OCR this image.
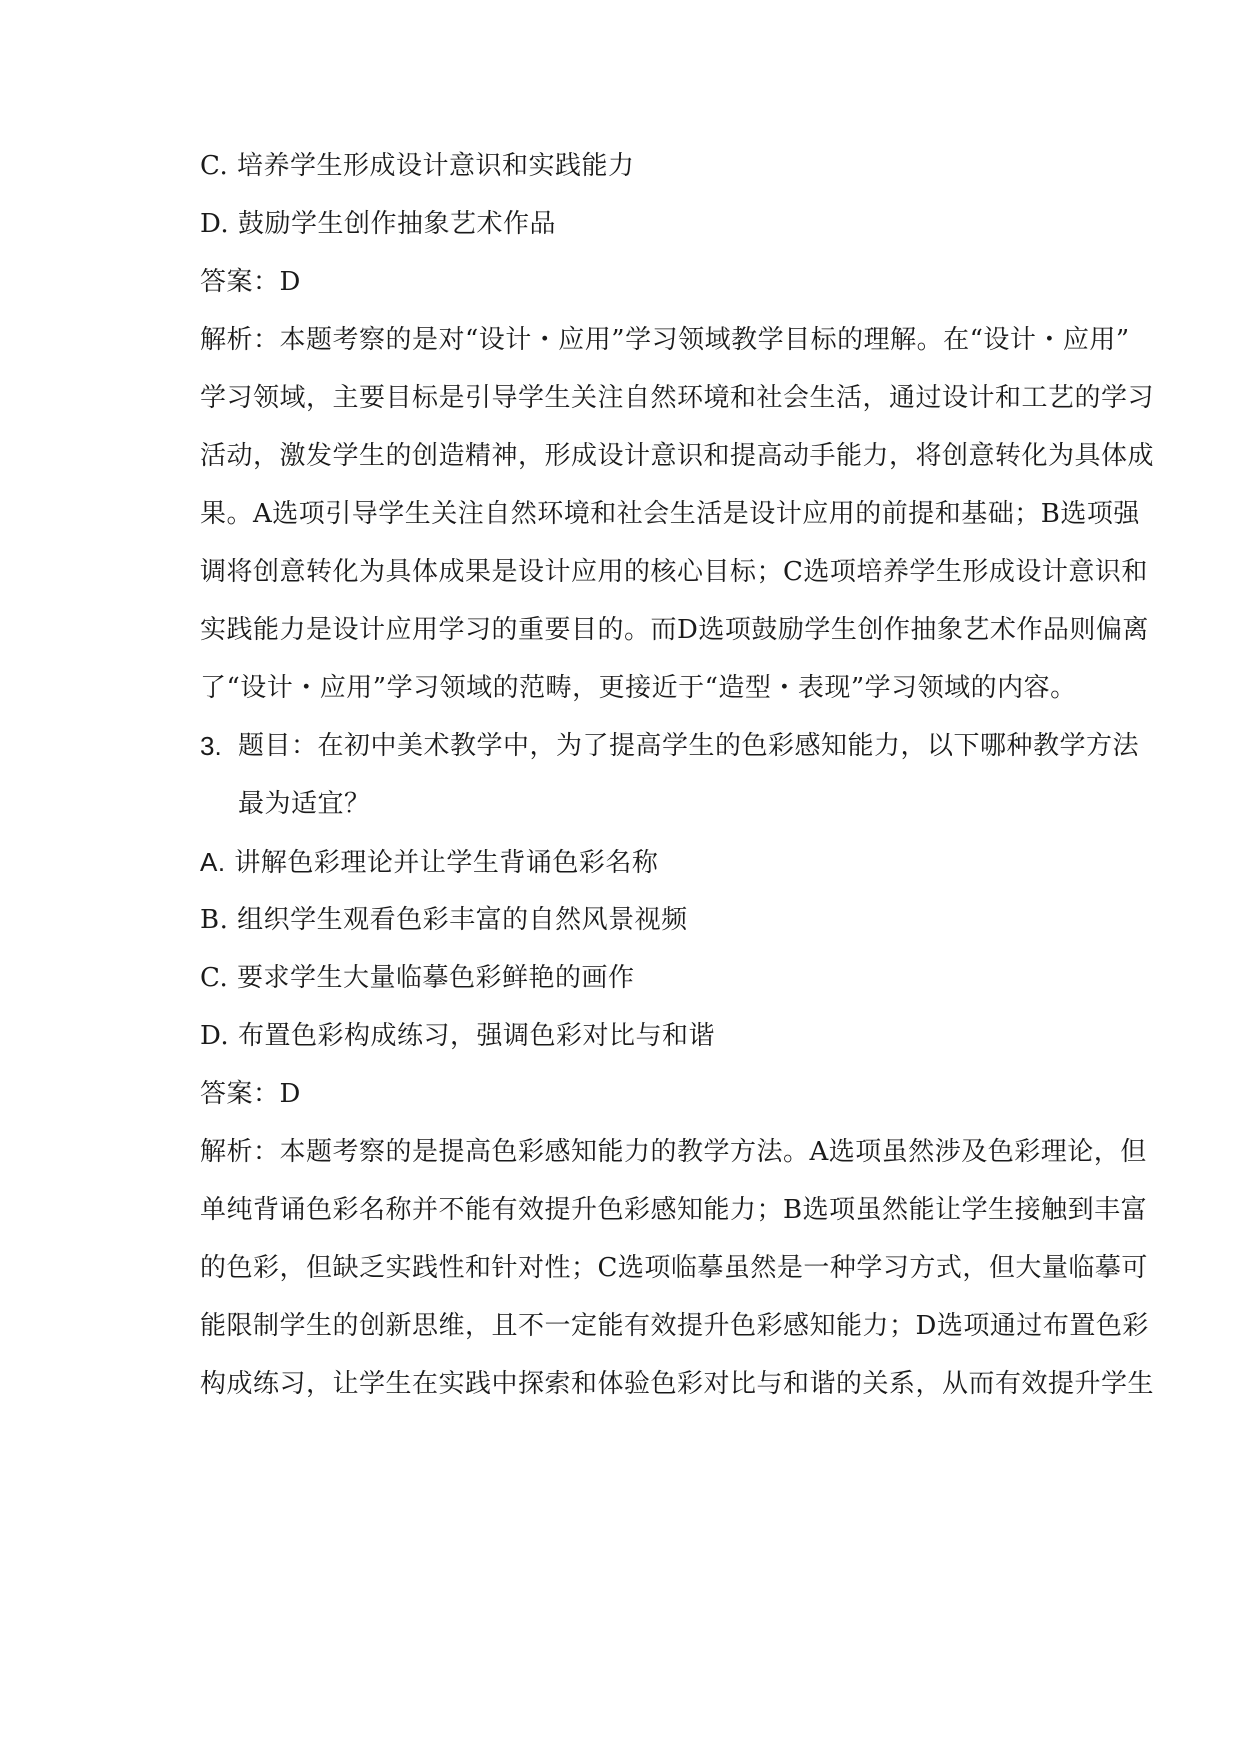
C. 培养学生形成设计意识和实践能力
D. 鼓励学生创作抽象艺术作品
答案：D
解析：本题考察的是对“设计・应用”学习领域教学目标的理解。在“设计・应用”
学习领域，主要目标是引导学生关注自然环境和社会生活，通过设计和工艺的学习
活动，激发学生的创造精神，形成设计意识和提高动手能力，将创意转化为具体成
果。A选项引导学生关注自然环境和社会生活是设计应用的前提和基础；B选项强
调将创意转化为具体成果是设计应用的核心目标；C选项培养学生形成设计意识和
实践能力是设计应用学习的重要目的。而D选项鼓励学生创作抽象艺术作品则偏离
了“设计・应用”学习领域的范畴，更接近于“造型・表现”学习领域的内容。
3. 题目：在初中美术教学中，为了提高学生的色彩感知能力，以下哪种教学方法
最为适宜？
A. 讲解色彩理论并让学生背诵色彩名称
B. 组织学生观看色彩丰富的自然风景视频
C. 要求学生大量临摹色彩鲜艳的画作
D. 布置色彩构成练习，强调色彩对比与和谐
答案：D
解析：本题考察的是提高色彩感知能力的教学方法。A选项虽然涉及色彩理论，但
单纯背诵色彩名称并不能有效提升色彩感知能力；B选项虽然能让学生接触到丰富
的色彩，但缺乏实践性和针对性；C选项临摹虽然是一种学习方式，但大量临摹可
能限制学生的创新思维，且不一定能有效提升色彩感知能力；D选项通过布置色彩
构成练习，让学生在实践中探索和体验色彩对比与和谐的关系，从而有效提升学生
